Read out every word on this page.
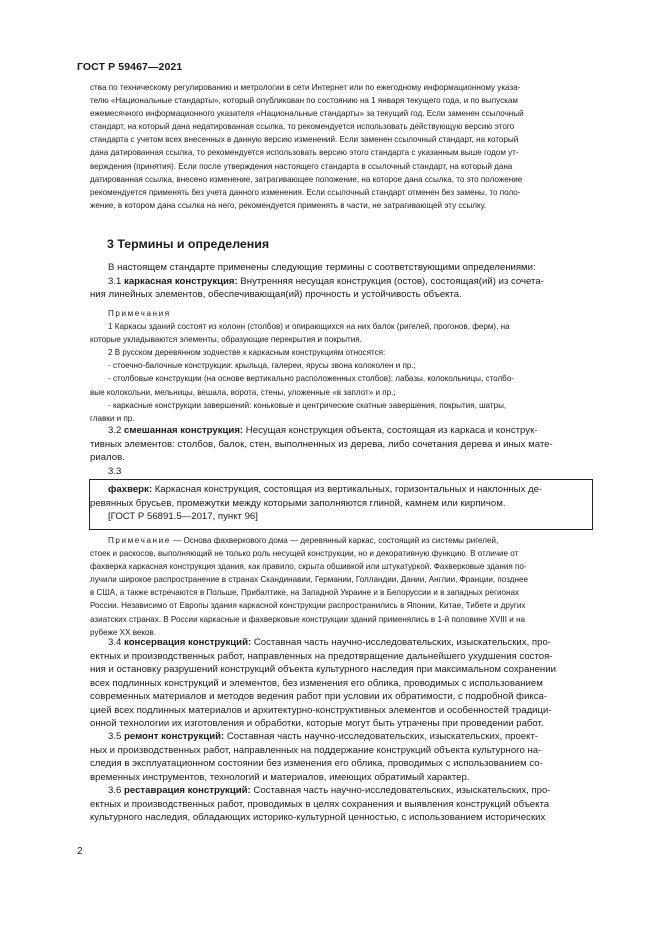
ГОСТ Р 59467—2021

ства по техническому регулированию и метрологии в сети Интернет или по ежегодному информационному указа-

телю «Национальные стандарты», который опубликован по состоянию на 1 января текущего года, и по выпускам

ежемесячного информационного указателя «Национальные стандарты» за текущий год. Если заменен ссылочный

стандарт, на который дана недатированная ссылка, то рекомендуется использовать действующую версию этого

стандарта с учетом всех внесенных в данную версию изменений. Если заменен ссылочный стандарт, на который

дана датированная ссылка, то рекомендуется использовать версию этого стандарта с указанным выше годом ут-

верждения (принятия). Если после утверждения настоящего стандарта в ссылочный стандарт, на который дана

датированная ссылка, внесено изменение, затрагивающее положение, на которое дана ссылка, то это положение

рекомендуется применять без учета данного изменения. Если ссылочный стандарт отменен без замены, то поло-

жение, в котором дана ссылка на него, рекомендуется применять в части, не затрагивающей эту ссылку.

3 Термины и определения

В настоящем стандарте применены следующие термины с соответствующими определениями:

3.1 каркасная конструкция: Внутренняя несущая конструкция (остов), состоящая(ий) из сочета-

ния линейных элементов, обеспечивающая(ий) прочность и устойчивость объекта.

Примечания

1 Каркасы зданий состоят из колонн (столбов) и опирающихся на них балок (ригелей, прогонов, ферм), на

которые укладываются элементы, образующие перекрытия и покрытия.

2 В русском деревянном зодчестве к каркасным конструкциям относятся:

- стоечно-балочные конструкции: крыльца, галереи, ярусы звона колоколен и пр.;

- столбовые конструкции (на основе вертикально расположенных столбов): лабазы, колокольницы, столбо-

вые колокольни, мельницы, вешала, ворота, стены, уложенные «в заплот» и пр.;

- каркасные конструкции завершений: коньковые и центрические скатные завершения, покрытия, шатры,

главки и пр.

3.2 смешанная конструкция: Несущая конструкция объекта, состоящая из каркаса и конструк-

тивных элементов: столбов, балок, стен, выполненных из дерева, либо сочетания дерева и иных мате-

риалов.

3.3

фахверк: Каркасная конструкция, состоящая из вертикальных, горизонтальных и наклонных де-

ревянных брусьев, промежутки между которыми заполняются глиной, камнем или кирпичом.

[ГОСТ Р 56891.5—2017, пункт 96]

Примечание — Основа фахверкового дома — деревянный каркас, состоящий из системы ригелей,

стоек и раскосов, выполняющий не только роль несущей конструкции, но и декоративную функцию. В отличие от

фахверка каркасная конструкция здания, как правило, скрыта обшивкой или штукатуркой. Фахверковые здания по-

лучили широкое распространение в странах Скандинавии, Германии, Голландии, Дании, Англии, Франции, позднее

в США, а также встречаются в Польше, Прибалтике, на Западной Украине и в Белоруссии и в западных регионах

России. Независимо от Европы здания каркасной конструкции распространились в Японии, Китае, Тибете и других

азиатских странах. В России каркасные и фахверковые конструкции зданий применялись в 1-й половине XVIII и на

рубеже XX веков.

3.4 консервация конструкций: Составная часть научно-исследовательских, изыскательских, про-

ектных и производственных работ, направленных на предотвращение дальнейшего ухудшения состоя-

ния и остановку разрушений конструкций объекта культурного наследия при максимальном сохранении

всех подлинных конструкций и элементов, без изменения его облика, проводимых с использованием

современных материалов и методов ведения работ при условии их обратимости, с подробной фикса-

цией всех подлинных материалов и архитектурно-конструктивных элементов и особенностей традици-

онной технологии их изготовления и обработки, которые могут быть утрачены при проведении работ.

3.5 ремонт конструкций: Составная часть научно-исследовательских, изыскательских, проект-

ных и производственных работ, направленных на поддержание конструкций объекта культурного на-

следия в эксплуатационном состоянии без изменения его облика, проводимых с использованием со-

временных инструментов, технологий и материалов, имеющих обратимый характер.

3.6 реставрация конструкций: Составная часть научно-исследовательских, изыскательских, про-

ектных и производственных работ, проводимых в целях сохранения и выявления конструкций объекта

культурного наследия, обладающих историко-культурной ценностью, с использованием исторических

2
